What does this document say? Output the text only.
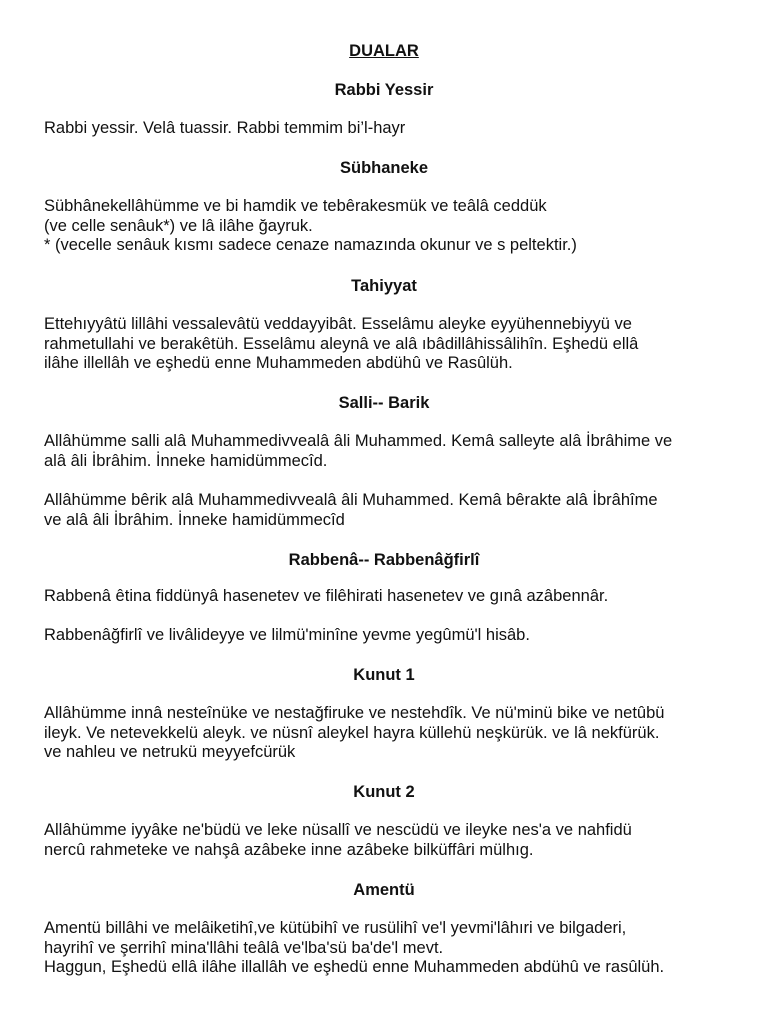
DUALAR
Rabbi Yessir
Rabbi yessir. Velâ tuassir. Rabbi temmim bi’l-hayr
Sübhaneke
Sübhânekellâhümme ve bi hamdik ve tebêrakesmük ve teâlâ ceddük
(ve celle senâuk*) ve lâ ilâhe ğayruk.
* (vecelle senâuk kısmı sadece cenaze namazında okunur ve s peltektir.)
Tahiyyat
Ettehıyyâtü lillâhi vessalevâtü veddayyibât. Esselâmu aleyke eyyühennebiyyü ve
rahmetullahi ve berakêtüh. Esselâmu aleynâ ve alâ ıbâdillâhissâlihîn. Eşhedü ellâ
ilâhe illellâh ve eşhedü enne Muhammeden abdühû ve Rasûlüh.
Salli-- Barik
Allâhümme salli alâ Muhammedivvealâ âli Muhammed. Kemâ salleyte alâ İbrâhime ve
alâ âli İbrâhim. İnneke hamidümmecîd.
Allâhümme bêrik alâ Muhammedivvealâ âli Muhammed. Kemâ bêrakte alâ İbrâhîme
ve alâ âli İbrâhim. İnneke hamidümmecîd
Rabbenâ-- Rabbenâğfirlî
Rabbenâ êtina fiddünyâ hasenetev ve filêhirati hasenetev ve gınâ azâbennâr.
Rabbenâğfirlî ve livâlideyye ve lilmü'minîne yevme yegûmü'l hisâb.
Kunut 1
Allâhümme innâ nesteînüke ve nestağfiruke ve nestehdîk. Ve nü'minü bike ve netûbü
ileyk. Ve netevekkelü aleyk. ve nüsnî aleykel hayra küllehü neşkürük. ve lâ nekfürük.
ve nahleu ve netrukü meyyefcürük
Kunut 2
Allâhümme iyyâke ne'büdü ve leke nüsallî ve nescüdü ve ileyke nes'a ve nahfidü
nercû rahmeteke ve nahşâ azâbeke inne azâbeke bilküffâri mülhıg.
Amentü
Amentü billâhi ve melâiketihî,ve kütübihî ve rusülihî ve'l yevmi'lâhıri ve bilgaderi,
hayrihî ve şerrihî mina'llâhi teâlâ ve'lba'sü ba'de'l mevt.
Haggun, Eşhedü ellâ ilâhe illallâh ve eşhedü enne Muhammeden abdühû ve rasûlüh.
